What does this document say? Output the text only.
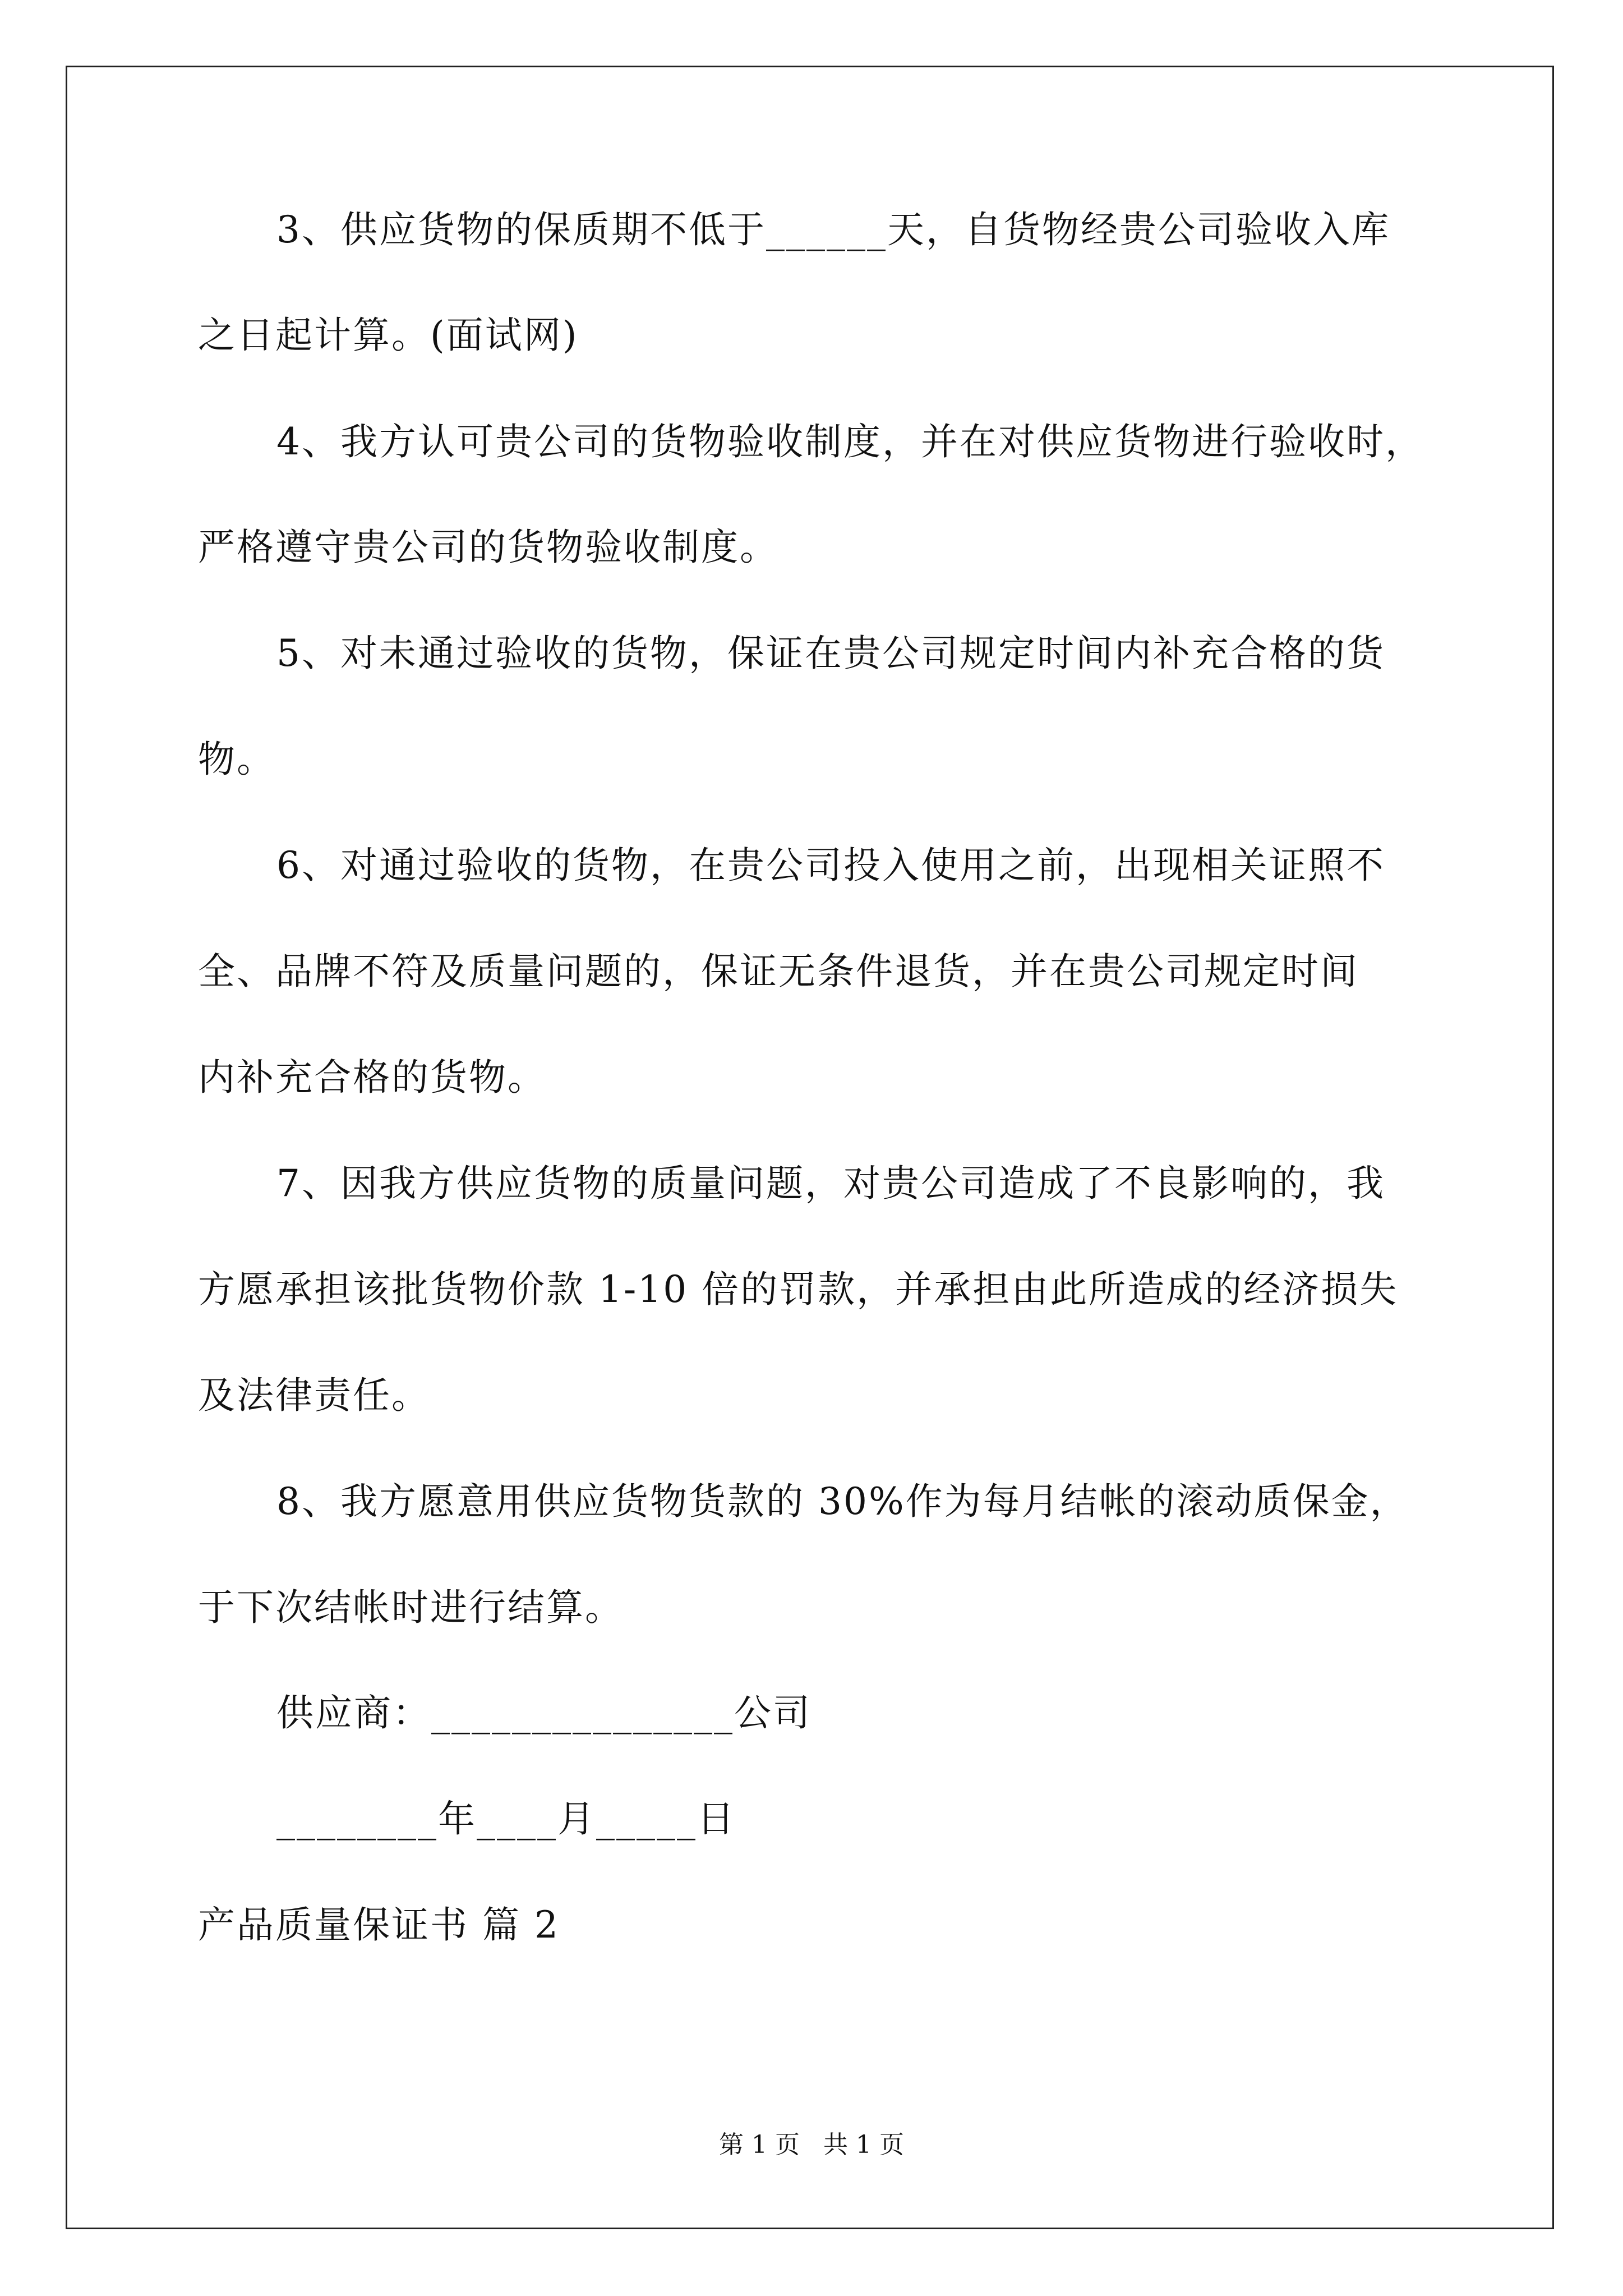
3、供应货物的保质期不低于______天，自货物经贵公司验收入库
之日起计算。(面试网)
4、我方认可贵公司的货物验收制度，并在对供应货物进行验收时，
严格遵守贵公司的货物验收制度。
5、对未通过验收的货物，保证在贵公司规定时间内补充合格的货
物。
6、对通过验收的货物，在贵公司投入使用之前，出现相关证照不
全、品牌不符及质量问题的，保证无条件退货，并在贵公司规定时间
内补充合格的货物。
7、因我方供应货物的质量问题，对贵公司造成了不良影响的，我
方愿承担该批货物价款 1-10 倍的罚款，并承担由此所造成的经济损失
及法律责任。
8、我方愿意用供应货物货款的 30%作为每月结帐的滚动质保金，
于下次结帐时进行结算。
供应商：_______________公司
________年____月_____日
产品质量保证书 篇 2
第 1 页   共 1 页
